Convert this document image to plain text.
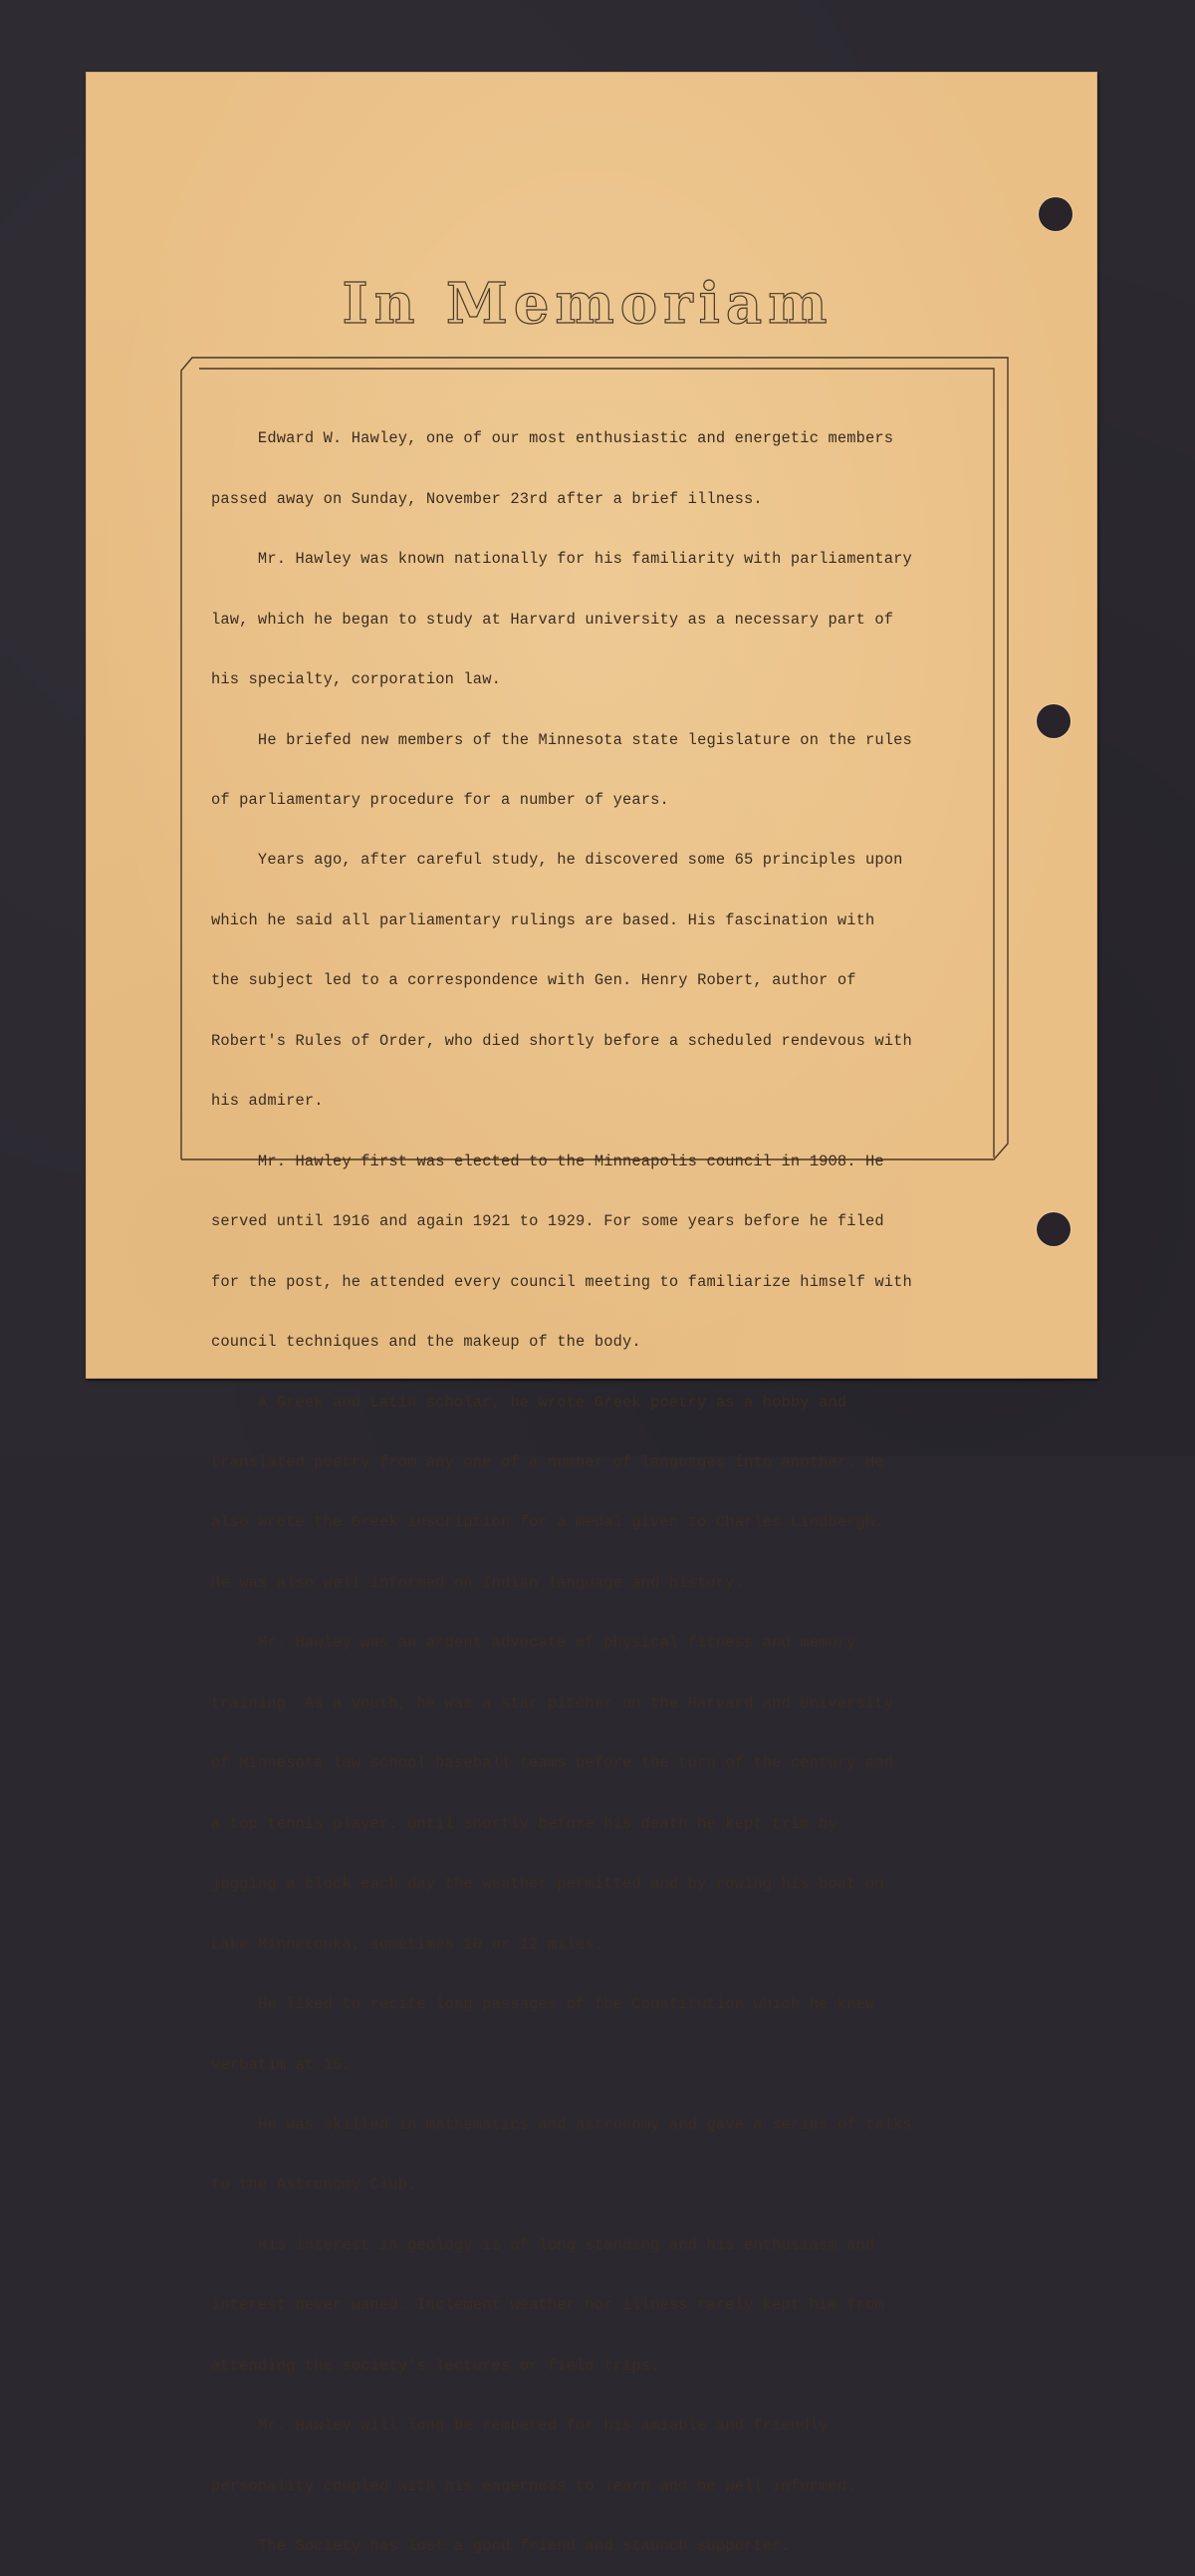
In Memoriam

Edward W. Hawley, one of our most enthusiastic and energetic members

passed away on Sunday, November 23rd after a brief illness.

Mr. Hawley was known nationally for his familiarity with parliamentary

law, which he began to study at Harvard university as a necessary part of

his specialty, corporation law.

He briefed new members of the Minnesota state legislature on the rules

of parliamentary procedure for a number of years.

Years ago, after careful study, he discovered some 65 principles upon

which he said all parliamentary rulings are based. His fascination with

the subject led to a correspondence with Gen. Henry Robert, author of

Robert's Rules of Order, who died shortly before a scheduled rendevous with

his admirer.

Mr. Hawley first was elected to the Minneapolis council in 1908. He

served until 1916 and again 1921 to 1929. For some years before he filed

for the post, he attended every council meeting to familiarize himself with

council techniques and the makeup of the body.

A Greek and Latin scholar, he wrote Greek poetry as a hobby and

translated poetry from any one of a number of languages into another. He

also wrote the Greek inscription for a medal given to Charles Lindbergh.

He was also well informed on Indian language and history.

Mr. Hawley was an ardent advocate of physical fitness and memory

training. As a youth, he was a star pitcher on the Harvard and University

of Minnesota law school baseball teams before the turn of the century and

a top tennis player. Until shortly before his death he kept trim by

jogging a block each day the weather permitted and by rowing his boat on

Lake Minnetonka, sometimes 10 or 12 miles.

He liked to recite long passages of the Constitution which he knew

verbatim at 15.

He was skilled in mathematics and astronomy and gave a series of talks

to the Astronomy Club.

His interest in geology is of long standing and his enthusiasm and

interest never waned. Inclement weather nor illness rarely kept him from

attending the society's lectures or field trips.

Mr. Hawley will long be rembered for his amiable and friendly

personality coupled with his eagerness to learn and be well informed.

The Society has lost a good friend and staunch supporter.
